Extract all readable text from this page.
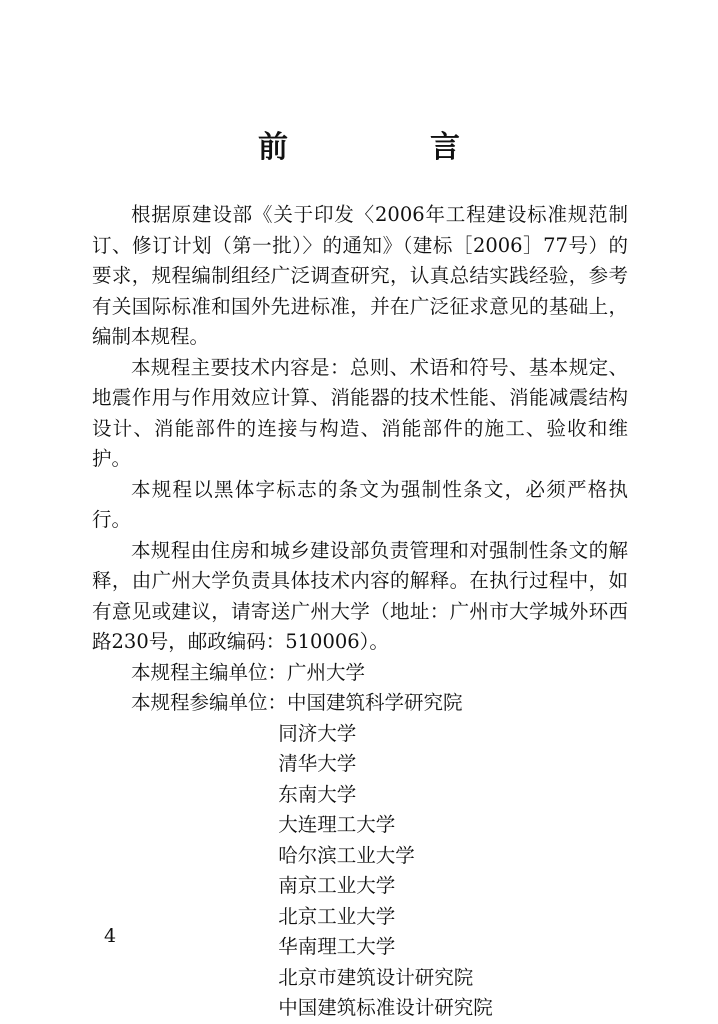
前　言

根据原建设部《关于印发〈2006年工程建设标准规范制订、修订计划（第一批）〉的通知》（建标［2006］77号）的要求，规程编制组经广泛调查研究，认真总结实践经验，参考有关国际标准和国外先进标准，并在广泛征求意见的基础上，编制本规程。

本规程主要技术内容是：总则、术语和符号、基本规定、地震作用与作用效应计算、消能器的技术性能、消能减震结构设计、消能部件的连接与构造、消能部件的施工、验收和维护。

本规程以黑体字标志的条文为强制性条文，必须严格执行。

本规程由住房和城乡建设部负责管理和对强制性条文的解释，由广州大学负责具体技术内容的解释。在执行过程中，如有意见或建议，请寄送广州大学（地址：广州市大学城外环西路230号，邮政编码：510006）。

本规程主编单位：广州大学

本规程参编单位：中国建筑科学研究院

同济大学
清华大学
东南大学
大连理工大学
哈尔滨工业大学
南京工业大学
北京工业大学
华南理工大学
北京市建筑设计研究院
中国建筑标准设计研究院
4
